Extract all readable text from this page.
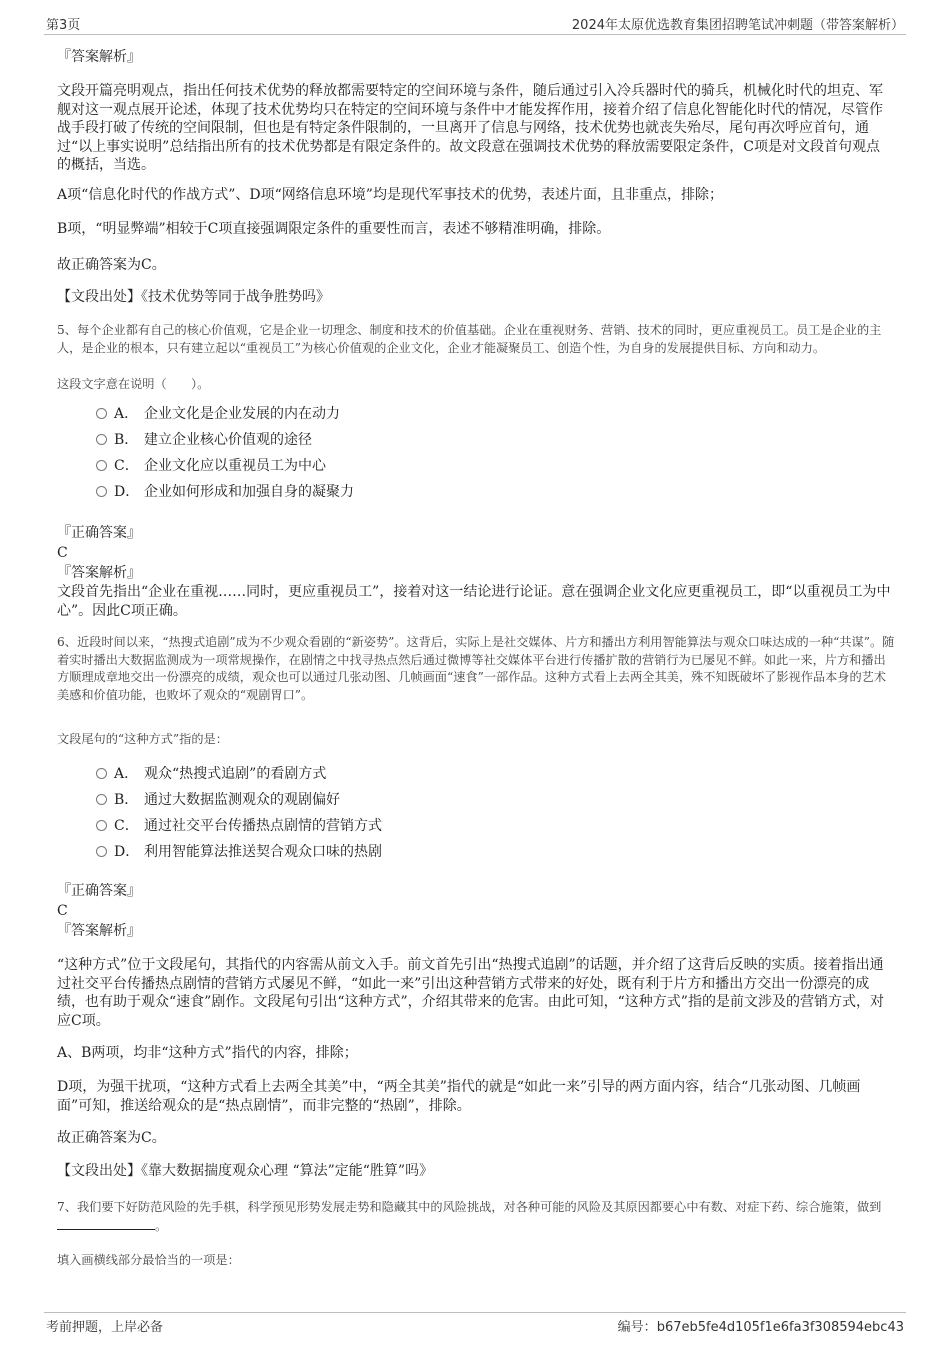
第3页	2024年太原优选教育集团招聘笔试冲刺题（带答案解析）
『答案解析』
文段开篇亮明观点，指出任何技术优势的释放都需要特定的空间环境与条件，随后通过引入冷兵器时代的骑兵，机械化时代的坦克、军舰对这一观点展开论述，体现了技术优势均只在特定的空间环境与条件中才能发挥作用，接着介绍了信息化智能化时代的情况，尽管作战手段打破了传统的空间限制，但也是有特定条件限制的，一旦离开了信息与网络，技术优势也就丧失殆尽，尾句再次呼应首句，通过“以上事实说明”总结指出所有的技术优势都是有限定条件的。故文段意在强调技术优势的释放需要限定条件，C项是对文段首句观点的概括，当选。
A项“信息化时代的作战方式”、D项“网络信息环境”均是现代军事技术的优势，表述片面，且非重点，排除；
B项，“明显弊端”相较于C项直接强调限定条件的重要性而言，表述不够精准明确，排除。
故正确答案为C。
【文段出处】《技术优势等同于战争胜势吗》
5、每个企业都有自己的核心价值观，它是企业一切理念、制度和技术的价值基础。企业在重视财务、营销、技术的同时，更应重视员工。员工是企业的主人，是企业的根本，只有建立起以“重视员工”为核心价值观的企业文化，企业才能凝聚员工、创造个性，为自身的发展提供目标、方向和动力。
这段文字意在说明（　　）。
A． 企业文化是企业发展的内在动力
B． 建立企业核心价值观的途径
C． 企业文化应以重视员工为中心
D． 企业如何形成和加强自身的凝聚力
『正确答案』
C
『答案解析』
文段首先指出“企业在重视……同时，更应重视员工”，接着对这一结论进行论证。意在强调企业文化应更重视员工，即“以重视员工为中心”。因此C项正确。
6、近段时间以来，“热搜式追剧”成为不少观众看剧的“新姿势”。这背后，实际上是社交媒体、片方和播出方利用智能算法与观众口味达成的一种“共谋”。随着实时播出大数据监测成为一项常规操作，在剧情之中找寻热点然后通过微博等社交媒体平台进行传播扩散的营销行为已屡见不鲜。如此一来，片方和播出方顺理成章地交出一份漂亮的成绩，观众也可以通过几张动图、几帧画面“速食”一部作品。这种方式看上去两全其美，殊不知既破坏了影视作品本身的艺术美感和价值功能，也败坏了观众的“观剧胃口”。
文段尾句的“这种方式”指的是：
A． 观众“热搜式追剧”的看剧方式
B． 通过大数据监测观众的观剧偏好
C． 通过社交平台传播热点剧情的营销方式
D． 利用智能算法推送契合观众口味的热剧
『正确答案』
C
『答案解析』
“这种方式”位于文段尾句，其指代的内容需从前文入手。前文首先引出“热搜式追剧”的话题，并介绍了这背后反映的实质。接着指出通过社交平台传播热点剧情的营销方式屡见不鲜，“如此一来”引出这种营销方式带来的好处，既有利于片方和播出方交出一份漂亮的成绩，也有助于观众“速食”剧作。文段尾句引出“这种方式”，介绍其带来的危害。由此可知，“这种方式”指的是前文涉及的营销方式，对应C项。
A、B两项，均非“这种方式”指代的内容，排除；
D项，为强干扰项，“这种方式看上去两全其美”中，“两全其美”指代的就是“如此一来”引导的两方面内容，结合“几张动图、几帧画面”可知，推送给观众的是“热点剧情”，而非完整的“热剧”，排除。
故正确答案为C。
【文段出处】《靠大数据揣度观众心理 “算法”定能“胜算”吗》
7、我们要下好防范风险的先手棋，科学预见形势发展走势和隐藏其中的风险挑战，对各种可能的风险及其原因都要心中有数、对症下药、综合施策，做到。
填入画横线部分最恰当的一项是：
考前押题，上岸必备	编号：b67eb5fe4d105f1e6fa3f308594ebc43
